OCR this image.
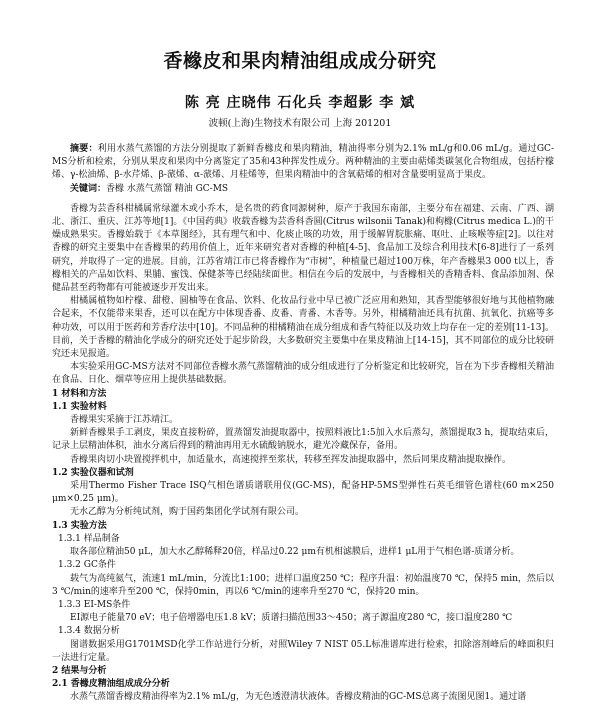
香橼皮和果肉精油组成成分研究
陈 亮 庄晓伟 石化兵 李超影 李 斌
波顿(上海)生物技术有限公司 上海 201201

摘要：利用水蒸气蒸馏的方法分别提取了新鲜香橼皮和果肉精油，精油得率分别为2.1% mL/g和0.06 mL/g。通过GC-MS分析和检索，分别从果皮和果肉中分离鉴定了35和43种挥发性成分。两种精油的主要由萜烯类碳氢化合物组成，包括柠檬烯、γ-松油烯、β-水芹烯、β-蒎烯、α-蒎烯、月桂烯等，但果肉精油中的含氧萜烯的相对含量要明显高于果皮。

关键词：香橼 水蒸气蒸馏 精油 GC-MS

香橼为芸香科柑橘属常绿灌木或小乔木，是名贵的药食同源树种，原产于我国东南部，主要分布在福建、云南、广西、湖北、浙江、重庆、江苏等地[1]。《中国药典》收载香橼为芸香科香圆(Citrus wilsonii Tanak)和枸橼(Citrus medica L.)的干燥成熟果实。香橼始载于《本草图经》，其有理气和中、化痰止咳的功效，用于缓解胃脘胀痛、呕吐、止咳喉等症[2]。以往对香橼的研究主要集中在香橼果的药用价值上，近年来研究者对香橼的种植[4-5]、食品加工及综合利用技术[6-8]进行了一系列研究，并取得了一定的进展。目前，江苏省靖江市已将香橼作为“市树”，种植量已超过100万株，年产香橼果3 000 t以上，香橼相关的产品如饮料、果脯、蜜饯、保健茶等已经陆续面世。相信在今后的发展中，与香橼相关的香精香料、食品添加剂、保健品甚至药物都有可能被逐步开发出来。

柑橘属植物如柠檬、甜橙、圆柚等在食品、饮料、化妆品行业中早已被广泛应用和熟知，其香型能够很好地与其他植物融合起来，不仅能带来果香，还可以在配方中体现香番、皮番、青番、木香等。另外，柑橘精油还具有抗菌、抗氧化、抗癌等多种功效，可以用于医药和芳香疗法中[10]。不同品种的柑橘精油在成分组成和香气特征以及功效上均存在一定的差别[11-13]。目前，关于香橼的精油化学成分的研究还处于起步阶段，大多数研究主要集中在果皮精油上[14-15]，其不同部位的成分比较研究还未见报道。

本实验采用GC-MS方法对不同部位香橼水蒸气蒸馏精油的成分组成进行了分析鉴定和比较研究，旨在为下步香橼相关精油在食品、日化、烟草等应用上提供基础数据。

1 材料和方法

1.1 实验材料

香橼果实采摘于江苏靖江。

新鲜香橼果手工剥皮，果皮直接粉碎，置蒸馏发油提取器中，按照料液比1:5加入水后蒸勾，蒸馏提取3 h，提取结束后，记录上层精油体积，油水分离后得到的精油再用无水硫酸钠脱水，避光冷藏保存，备用。

香橼果肉切小块置搅拌机中，加适量水，高速搅拌至浆状，转移至挥发油提取器中，然后同果皮精油提取操作。

1.2 实验仪器和试剂

采用Thermo Fisher Trace ISQ气相色谱质谱联用仪(GC-MS)，配备HP-5MS型弹性石英毛细管色谱柱(60 m×250 μm×0.25 μm)。

无水乙醇为分析纯试剂，购于国药集团化学试剂有限公司。

1.3 实验方法

1.3.1 样品制备

取各部位精油50 μL，加大水乙醇稀释20倍，样品过0.22 μm有机相滤膜后，进样1 μL用于气相色谱-质谱分析。

1.3.2 GC条件

载气为高纯氦气，流速1 mL/min，分流比1:100；进样口温度250 ℃；程序升温：初始温度70 ℃，保持5 min，然后以3 ℃/min的速率升至200 ℃，保持0min，再以6 ℃/min的速率升至270 ℃，保持20 min。

1.3.3 EI-MS条件

EI源电子能量70 eV；电子倍增器电压1.8 kV；质谱扫描范围33～450；离子源温度280 ℃，接口温度280 ℃

1.3.4 数据分析

图谱数据采用G1701MSD化学工作站进行分析，对照Wiley 7 NIST 05.L标准谱库进行检索，扣除溶剂峰后的峰面积归一法进行定量。

2 结果与分析

2.1 香橼皮精油组成成分分析

水蒸气蒸馏香橼皮精油得率为2.1% mL/g，为无色透澄清状液体。香橼皮精油的GC-MS总离子流图见图1。通过谱
